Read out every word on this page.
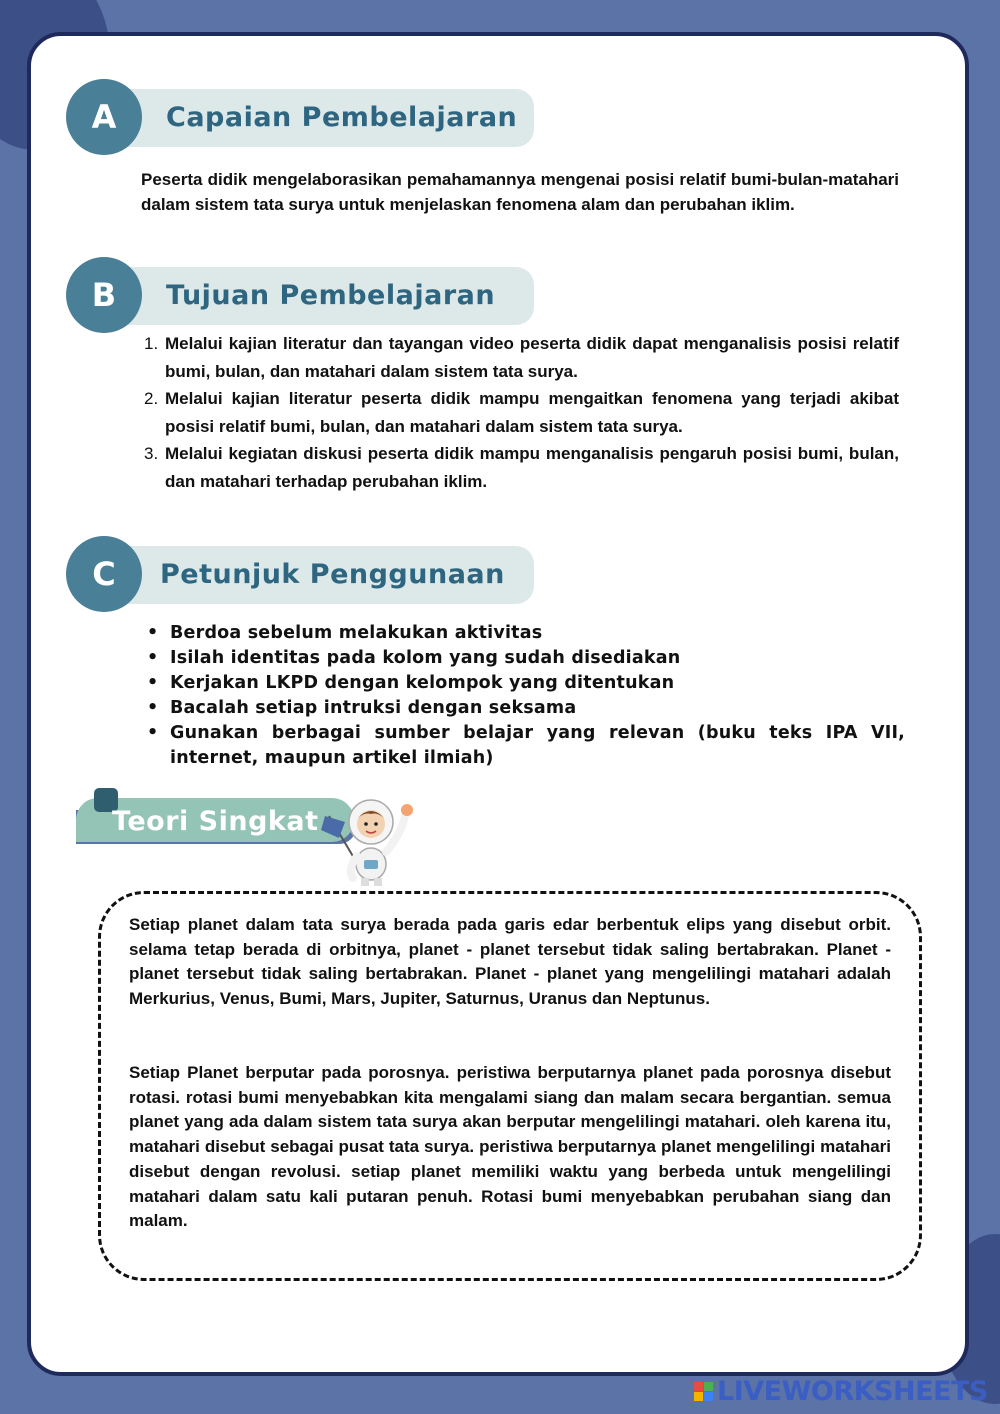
A	Capaian Pembelajaran
Peserta didik mengelaborasikan pemahamannya mengenai posisi relatif bumi-bulan-matahari dalam sistem tata surya untuk menjelaskan fenomena alam dan perubahan iklim.
B	Tujuan Pembelajaran
1. Melalui kajian literatur dan tayangan video peserta didik dapat menganalisis posisi relatif bumi, bulan, dan matahari dalam sistem tata surya.
2. Melalui kajian literatur peserta didik mampu mengaitkan fenomena yang terjadi akibat posisi relatif bumi, bulan, dan matahari dalam sistem tata surya.
3. Melalui kegiatan diskusi peserta didik mampu menganalisis pengaruh posisi bumi, bulan, dan matahari terhadap perubahan iklim.
C	Petunjuk Penggunaan
• Berdoa sebelum melakukan aktivitas
• Isilah identitas pada kolom yang sudah disediakan
• Kerjakan LKPD dengan kelompok yang ditentukan
• Bacalah setiap intruksi dengan seksama
• Gunakan berbagai sumber belajar yang relevan (buku teks IPA VII, internet, maupun artikel ilmiah)
Teori Singkat
Setiap planet dalam tata surya berada pada garis edar berbentuk elips yang disebut orbit. selama tetap berada di orbitnya, planet - planet tersebut tidak saling bertabrakan. Planet - planet tersebut tidak saling bertabrakan. Planet - planet yang mengelilingi matahari adalah Merkurius, Venus, Bumi, Mars, Jupiter, Saturnus, Uranus dan Neptunus.
Setiap Planet berputar pada porosnya. peristiwa berputarnya planet pada porosnya disebut rotasi. rotasi bumi menyebabkan kita mengalami siang dan malam secara bergantian. semua planet yang ada dalam sistem tata surya akan berputar mengelilingi matahari. oleh karena itu, matahari disebut sebagai pusat tata surya. peristiwa berputarnya planet mengelilingi matahari disebut dengan revolusi. setiap planet memiliki waktu yang berbeda untuk mengelilingi matahari dalam satu kali putaran penuh. Rotasi bumi menyebabkan perubahan siang dan malam.
LIVEWORKSHEETS
